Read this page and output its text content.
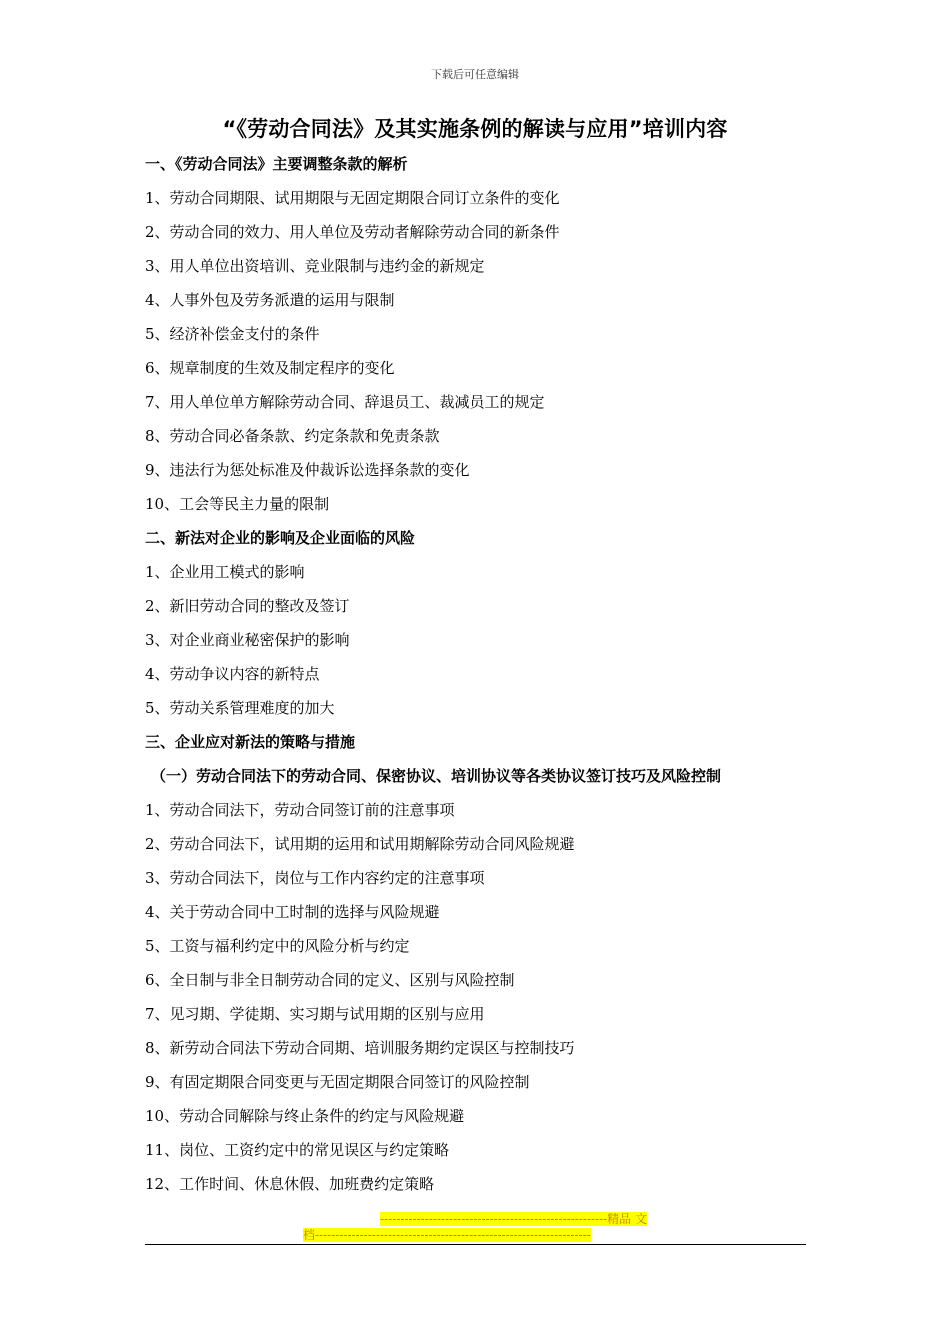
下载后可任意编辑
“《劳动合同法》及其实施条例的解读与应用”培训内容
一、《劳动合同法》主要调整条款的解析
1、劳动合同期限、试用期限与无固定期限合同订立条件的变化
2、劳动合同的效力、用人单位及劳动者解除劳动合同的新条件
3、用人单位出资培训、竞业限制与违约金的新规定
4、人事外包及劳务派遣的运用与限制
5、经济补偿金支付的条件
6、规章制度的生效及制定程序的变化
7、用人单位单方解除劳动合同、辞退员工、裁减员工的规定
8、劳动合同必备条款、约定条款和免责条款
9、违法行为惩处标准及仲裁诉讼选择条款的变化
10、工会等民主力量的限制
二、新法对企业的影响及企业面临的风险
1、企业用工模式的影响
2、新旧劳动合同的整改及签订
3、对企业商业秘密保护的影响
4、劳动争议内容的新特点
5、劳动关系管理难度的加大
三、企业应对新法的策略与措施
（一）劳动合同法下的劳动合同、保密协议、培训协议等各类协议签订技巧及风险控制
1、劳动合同法下，劳动合同签订前的注意事项
2、劳动合同法下，试用期的运用和试用期解除劳动合同风险规避
3、劳动合同法下，岗位与工作内容约定的注意事项
4、关于劳动合同中工时制的选择与风险规避
5、工资与福利约定中的风险分析与约定
6、全日制与非全日制劳动合同的定义、区别与风险控制
7、见习期、学徒期、实习期与试用期的区别与应用
8、新劳动合同法下劳动合同期、培训服务期约定误区与控制技巧
9、有固定期限合同变更与无固定期限合同签订的风险控制
10、劳动合同解除与终止条件的约定与风险规避
11、岗位、工资约定中的常见误区与约定策略
12、工作时间、休息休假、加班费约定策略
--------------------------------------------------------精品 文
档--------------------------------------------------------------------
